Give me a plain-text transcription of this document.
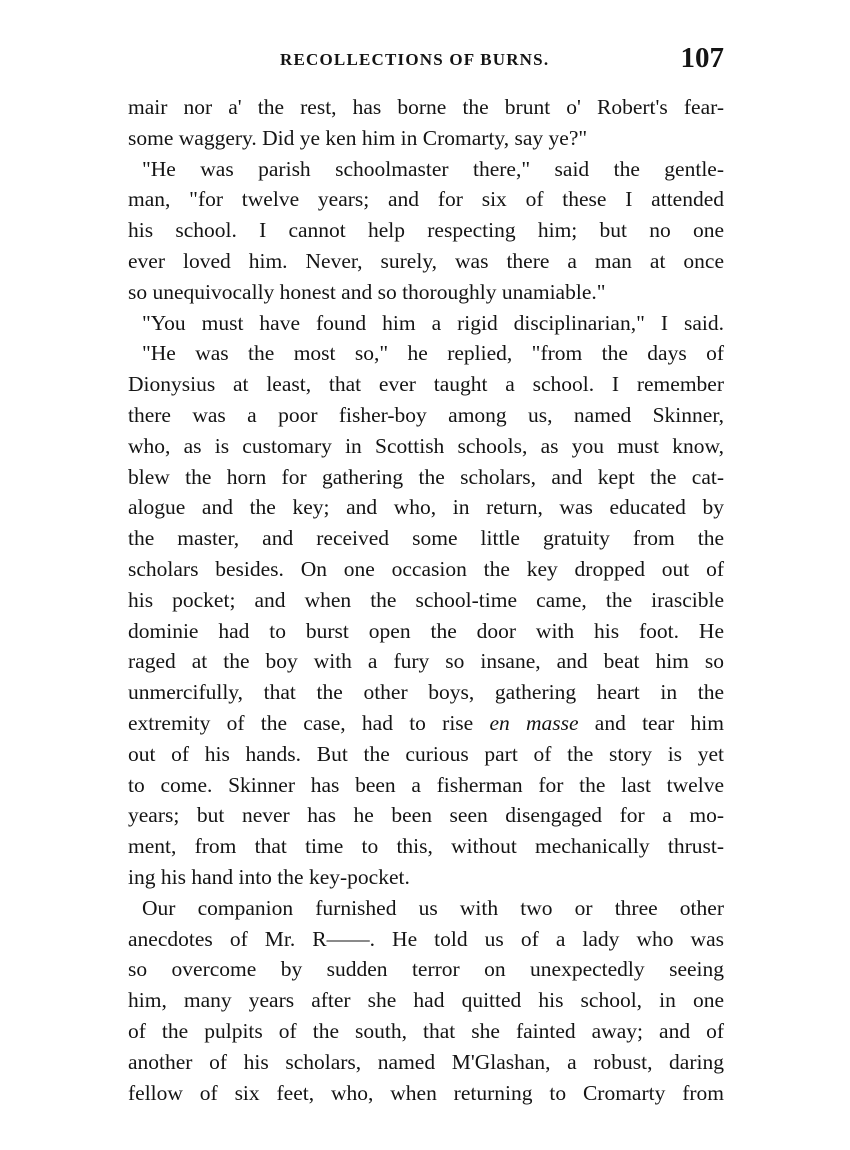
RECOLLECTIONS OF BURNS.	107
mair nor a' the rest, has borne the brunt o' Robert's fear-
some waggery. Did ye ken him in Cromarty, say ye?"
"He was parish schoolmaster there," said the gentle-
man, "for twelve years; and for six of these I attended
his school. I cannot help respecting him; but no one
ever loved him. Never, surely, was there a man at once
so unequivocally honest and so thoroughly unamiable."
"You must have found him a rigid disciplinarian," I said.
"He was the most so," he replied, "from the days of
Dionysius at least, that ever taught a school. I remember
there was a poor fisher-boy among us, named Skinner,
who, as is customary in Scottish schools, as you must know,
blew the horn for gathering the scholars, and kept the cat-
alogue and the key; and who, in return, was educated by
the master, and received some little gratuity from the
scholars besides. On one occasion the key dropped out of
his pocket; and when the school-time came, the irascible
dominie had to burst open the door with his foot. He
raged at the boy with a fury so insane, and beat him so
unmercifully, that the other boys, gathering heart in the
extremity of the case, had to rise en masse and tear him
out of his hands. But the curious part of the story is yet
to come. Skinner has been a fisherman for the last twelve
years; but never has he been seen disengaged for a mo-
ment, from that time to this, without mechanically thrust-
ing his hand into the key-pocket.
Our companion furnished us with two or three other
anecdotes of Mr. R——. He told us of a lady who was
so overcome by sudden terror on unexpectedly seeing
him, many years after she had quitted his school, in one
of the pulpits of the south, that she fainted away; and of
another of his scholars, named M'Glashan, a robust, daring
fellow of six feet, who, when returning to Cromarty from
